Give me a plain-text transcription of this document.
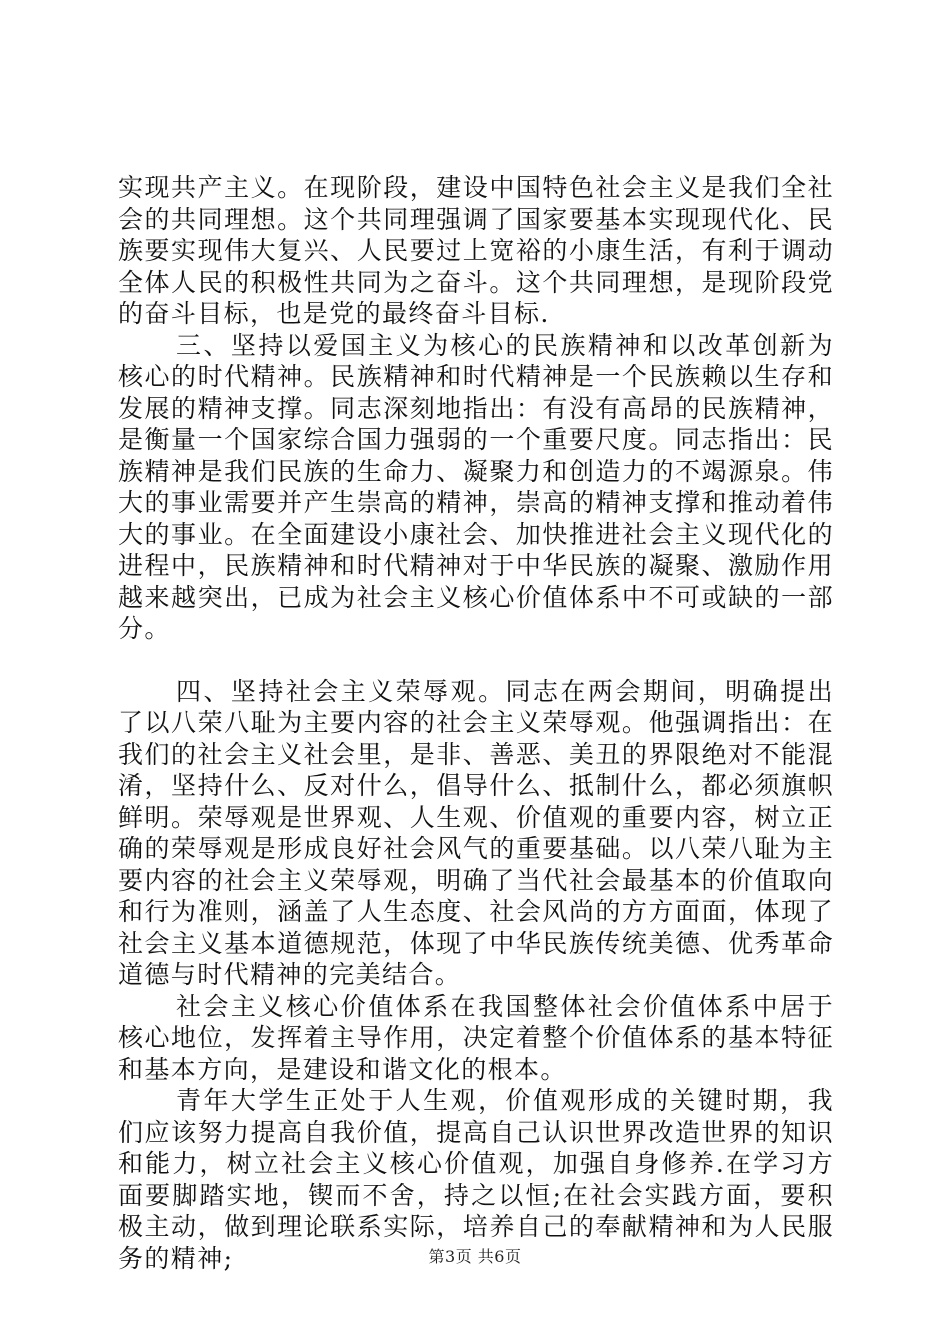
实现共产主义。在现阶段，建设中国特色社会主义是我们全社会的共同理想。这个共同理强调了国家要基本实现现代化、民族要实现伟大复兴、人民要过上宽裕的小康生活，有利于调动全体人民的积极性共同为之奋斗。这个共同理想，是现阶段党的奋斗目标，也是党的最终奋斗目标.

三、坚持以爱国主义为核心的民族精神和以改革创新为核心的时代精神。民族精神和时代精神是一个民族赖以生存和发展的精神支撑。同志深刻地指出：有没有高昂的民族精神，是衡量一个国家综合国力强弱的一个重要尺度。同志指出：民族精神是我们民族的生命力、凝聚力和创造力的不竭源泉。伟大的事业需要并产生崇高的精神，崇高的精神支撑和推动着伟大的事业。在全面建设小康社会、加快推进社会主义现代化的进程中，民族精神和时代精神对于中华民族的凝聚、激励作用越来越突出，已成为社会主义核心价值体系中不可或缺的一部分。

四、坚持社会主义荣辱观。同志在两会期间，明确提出了以八荣八耻为主要内容的社会主义荣辱观。他强调指出：在我们的社会主义社会里，是非、善恶、美丑的界限绝对不能混淆，坚持什么、反对什么，倡导什么、抵制什么，都必须旗帜鲜明。荣辱观是世界观、人生观、价值观的重要内容，树立正确的荣辱观是形成良好社会风气的重要基础。以八荣八耻为主要内容的社会主义荣辱观，明确了当代社会最基本的价值取向和行为准则，涵盖了人生态度、社会风尚的方方面面，体现了社会主义基本道德规范，体现了中华民族传统美德、优秀革命道德与时代精神的完美结合。

社会主义核心价值体系在我国整体社会价值体系中居于核心地位，发挥着主导作用，决定着整个价值体系的基本特征和基本方向，是建设和谐文化的根本。

青年大学生正处于人生观，价值观形成的关键时期，我们应该努力提高自我价值，提高自己认识世界改造世界的知识和能力，树立社会主义核心价值观，加强自身修养.在学习方面要脚踏实地，锲而不舍，持之以恒;在社会实践方面，要积极主动，做到理论联系实际，培养自己的奉献精神和为人民服务的精神;	第3页 共6页
